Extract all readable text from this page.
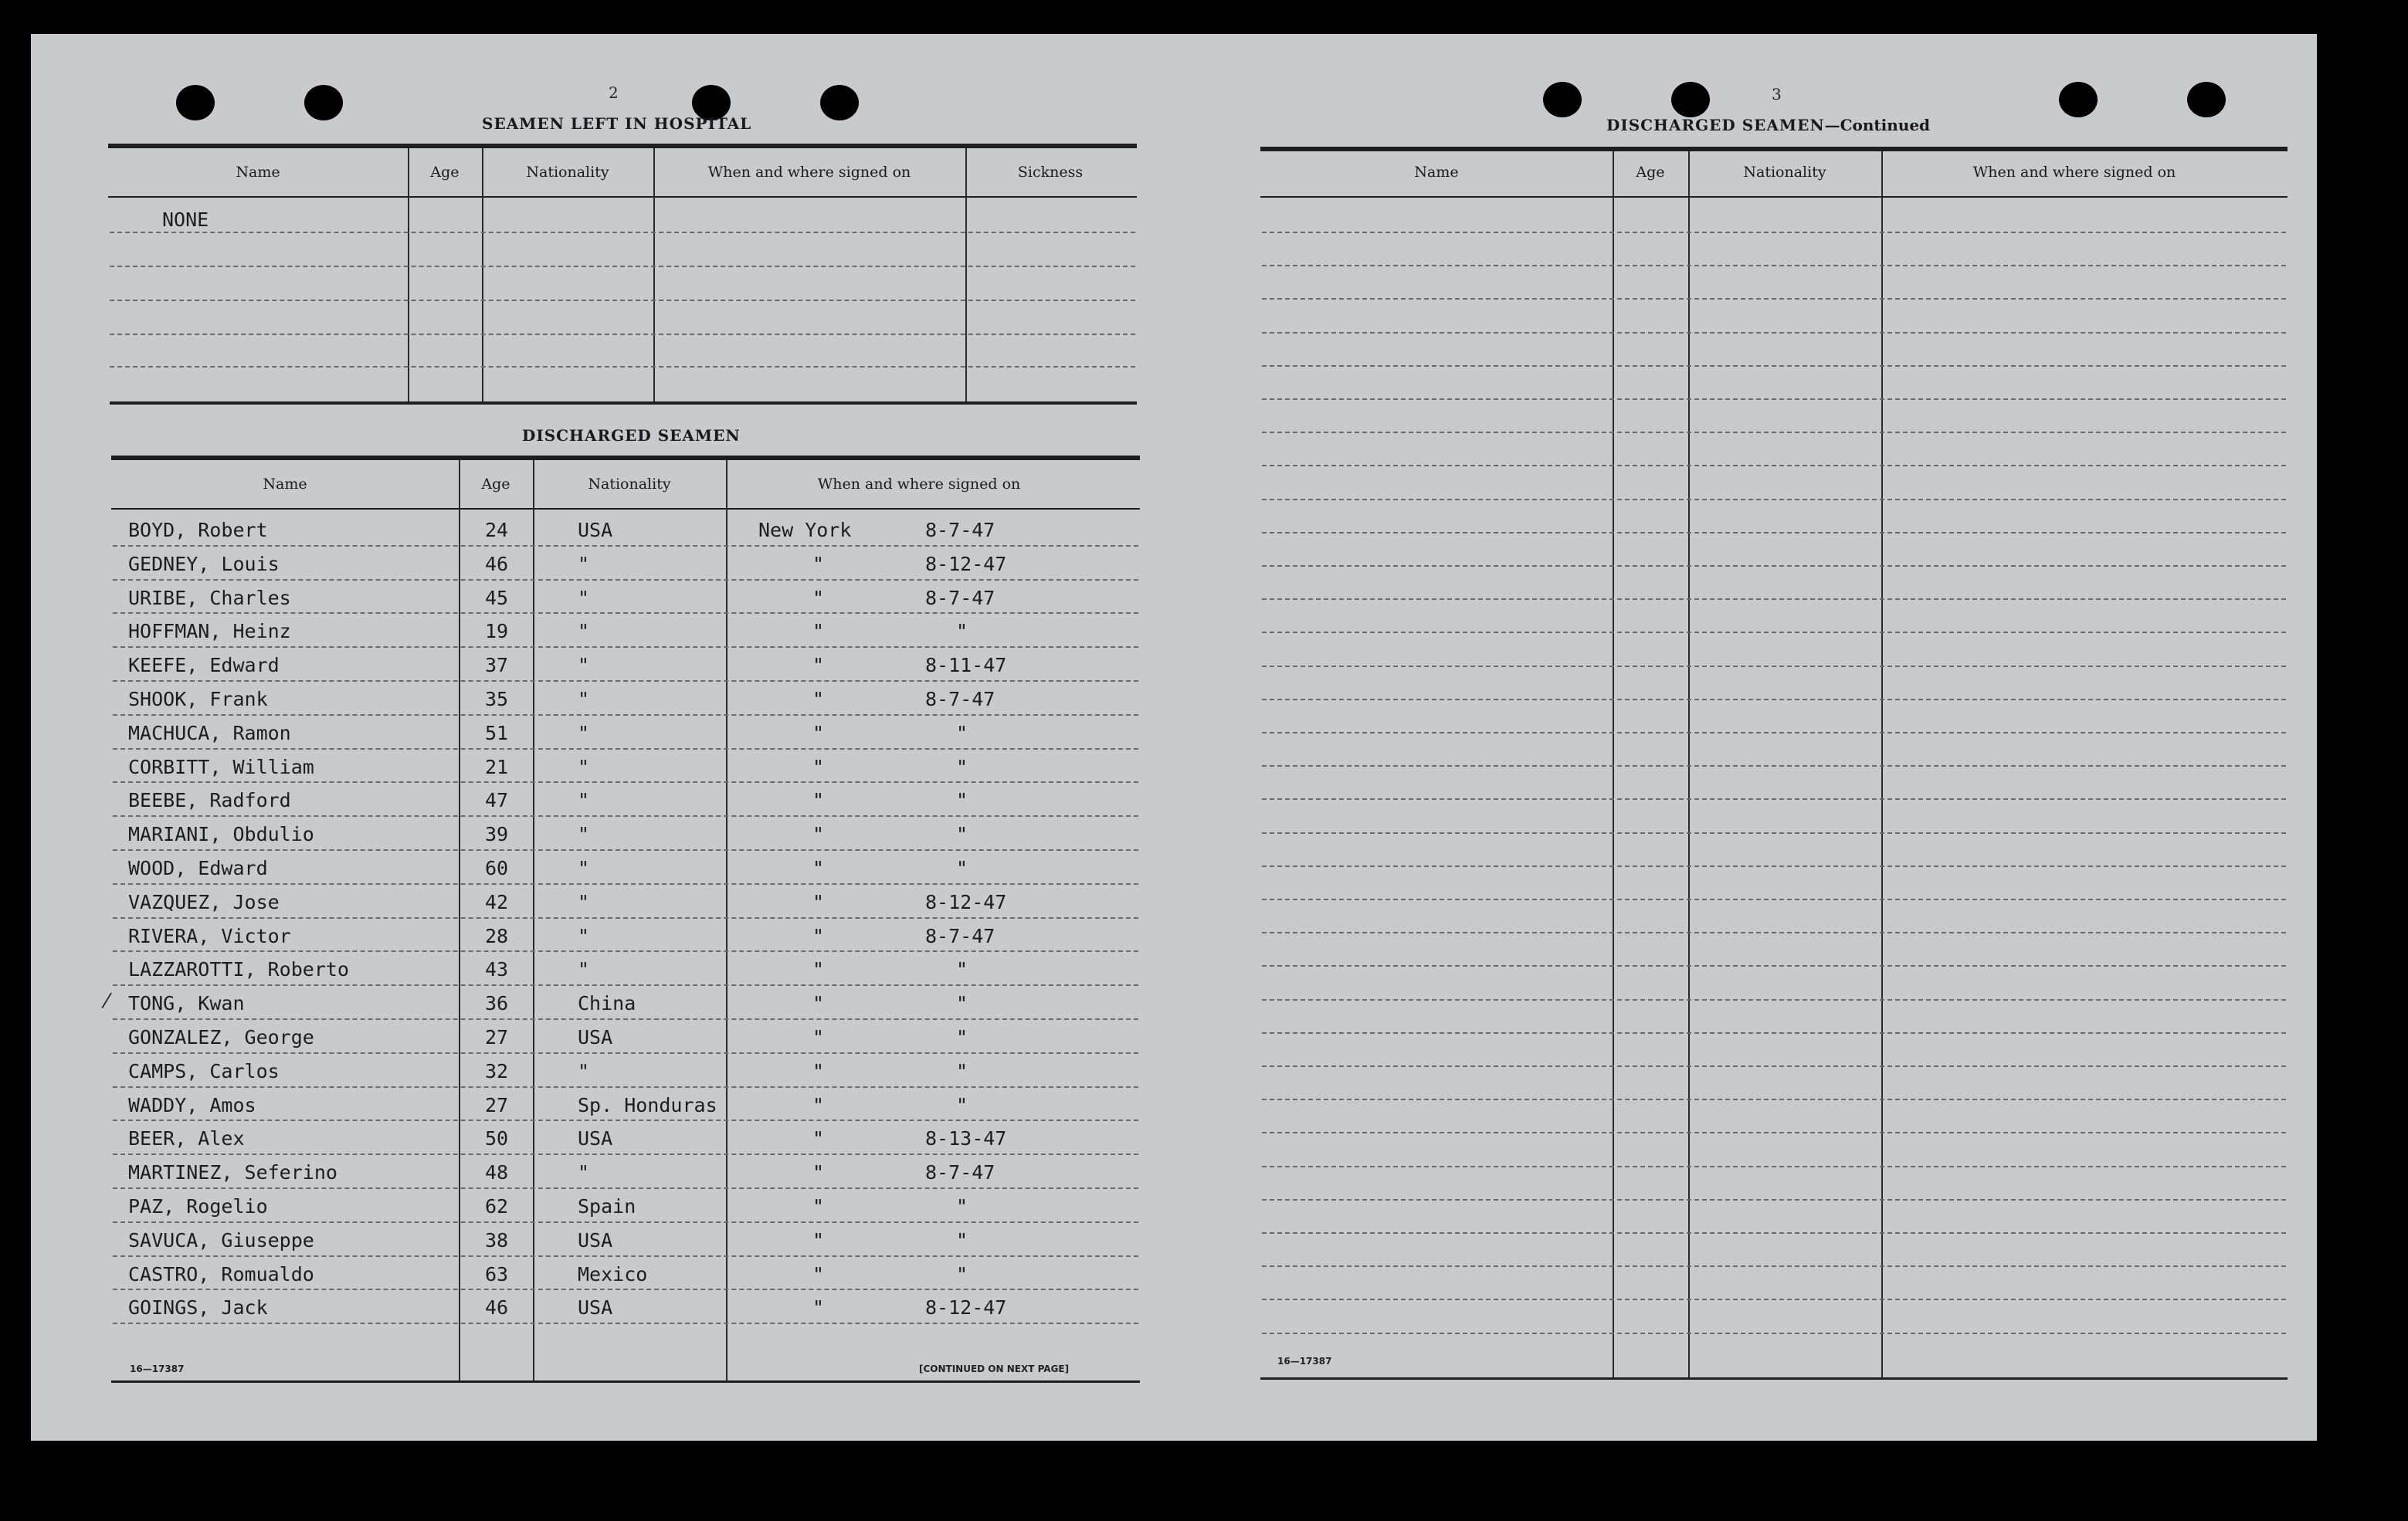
2
SEAMEN LEFT IN HOSPITAL
Name	Age	Nationality	When and where signed on	Sickness
NONE
DISCHARGED SEAMEN
Name	Age	Nationality	When and where signed on
BOYD, Robert	24	USA	New York	8-7-47
GEDNEY, Louis	46	"	"	8-12-47
URIBE, Charles	45	"	"	8-7-47
HOFFMAN, Heinz	19	"	"	"
KEEFE, Edward	37	"	"	8-11-47
SHOOK, Frank	35	"	"	8-7-47
MACHUCA, Ramon	51	"	"	"
CORBITT, William	21	"	"	"
BEEBE, Radford	47	"	"	"
MARIANI, Obdulio	39	"	"	"
WOOD, Edward	60	"	"	"
VAZQUEZ, Jose	42	"	"	8-12-47
RIVERA, Victor	28	"	"	8-7-47
LAZZAROTTI, Roberto	43	"	"	"
TONG, Kwan	36	China	"	"
GONZALEZ, George	27	USA	"	"
CAMPS, Carlos	32	"	"	"
WADDY, Amos	27	Sp. Honduras	"	"
BEER, Alex	50	USA	"	8-13-47
MARTINEZ, Seferino	48	"	"	8-7-47
PAZ, Rogelio	62	Spain	"	"
SAVUCA, Giuseppe	38	USA	"	"
CASTRO, Romualdo	63	Mexico	"	"
GOINGS, Jack	46	USA	"	8-12-47
⁄
16—17387	[CONTINUED ON NEXT PAGE]
3
DISCHARGED SEAMEN—Continued
Name	Age	Nationality	When and where signed on
16—17387
